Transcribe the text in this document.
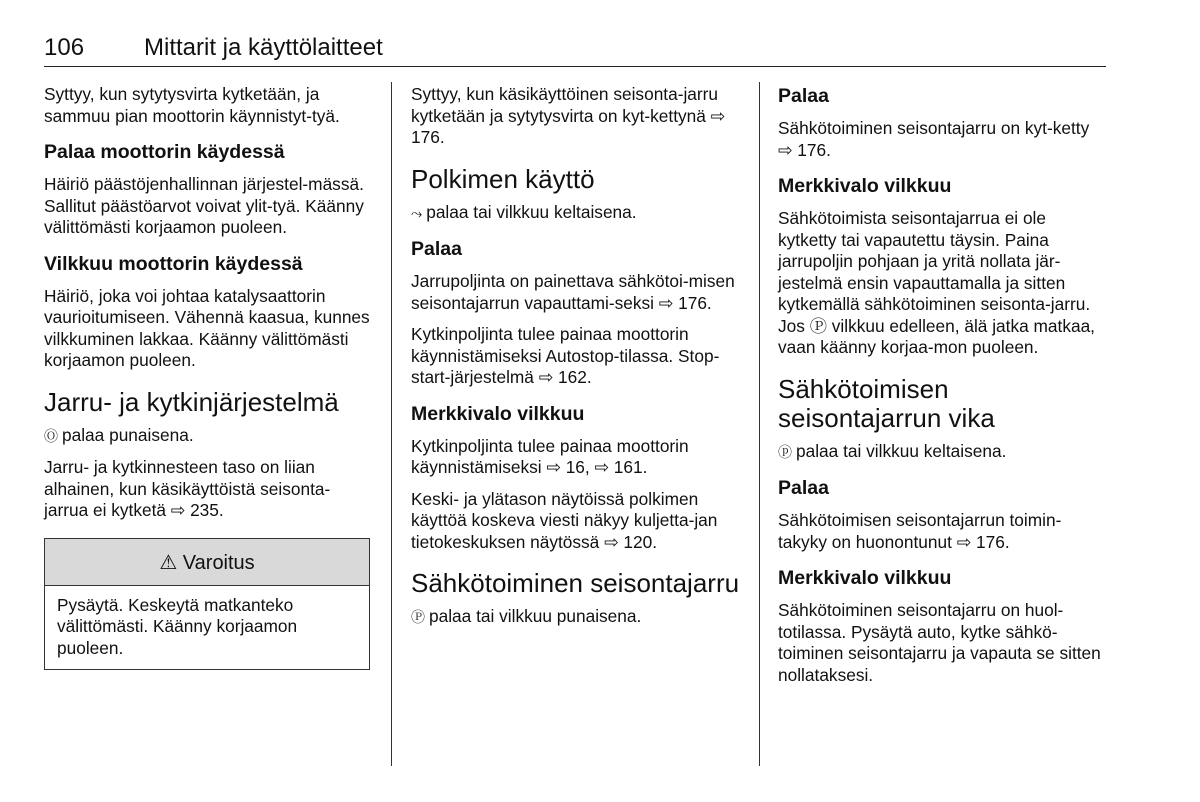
106 Mittarit ja käyttölaitteet

Syttyy, kun sytytysvirta kytketään, ja sammuu pian moottorin käynnistyt-tyä.

Palaa moottorin käydessä

Häiriö päästöjenhallinnan järjestel-mässä. Sallitut päästöarvot voivat ylit-tyä. Käänny välittömästi korjaamon puoleen.

Vilkkuu moottorin käydessä

Häiriö, joka voi johtaa katalysaattorin vaurioitumiseen. Vähennä kaasua, kunnes vilkkuminen lakkaa. Käänny välittömästi korjaamon puoleen.

Jarru- ja kytkinjärjestelmä

Ⓞ palaa punaisena.

Jarru- ja kytkinnesteen taso on liian alhainen, kun käsikäyttöistä seisonta-jarrua ei kytketä ⇨ 235.

⚠ Varoitus
Pysäytä. Keskeytä matkanteko välittömästi. Käänny korjaamon puoleen.

Syttyy, kun käsikäyttöinen seisonta-jarru kytketään ja sytytysvirta on kyt-kettynä ⇨ 176.

Polkimen käyttö

⤳ palaa tai vilkkuu keltaisena.

Palaa

Jarrupoljinta on painettava sähkötoi-misen seisontajarrun vapauttami-seksi ⇨ 176.

Kytkinpoljinta tulee painaa moottorin käynnistämiseksi Autostop-tilassa. Stop-start-järjestelmä ⇨ 162.

Merkkivalo vilkkuu

Kytkinpoljinta tulee painaa moottorin käynnistämiseksi ⇨ 16, ⇨ 161.

Keski- ja ylätason näytöissä polkimen käyttöä koskeva viesti näkyy kuljetta-jan tietokeskuksen näytössä ⇨ 120.

Sähkötoiminen seisontajarru

Ⓟ palaa tai vilkkuu punaisena.

Palaa

Sähkötoiminen seisontajarru on kyt-ketty ⇨ 176.

Merkkivalo vilkkuu

Sähkötoimista seisontajarrua ei ole kytketty tai vapautettu täysin. Paina jarrupoljin pohjaan ja yritä nollata jär-jestelmä ensin vapauttamalla ja sitten kytkemällä sähkötoiminen seisonta-jarru. Jos Ⓟ vilkkuu edelleen, älä jatka matkaa, vaan käänny korjaa-mon puoleen.

Sähkötoimisen seisontajarrun vika

ⓟ palaa tai vilkkuu keltaisena.

Palaa

Sähkötoimisen seisontajarrun toimin-takyky on huonontunut ⇨ 176.

Merkkivalo vilkkuu

Sähkötoiminen seisontajarru on huol-totilassa. Pysäytä auto, kytke sähkö-toiminen seisontajarru ja vapauta se sitten nollataksesi.
